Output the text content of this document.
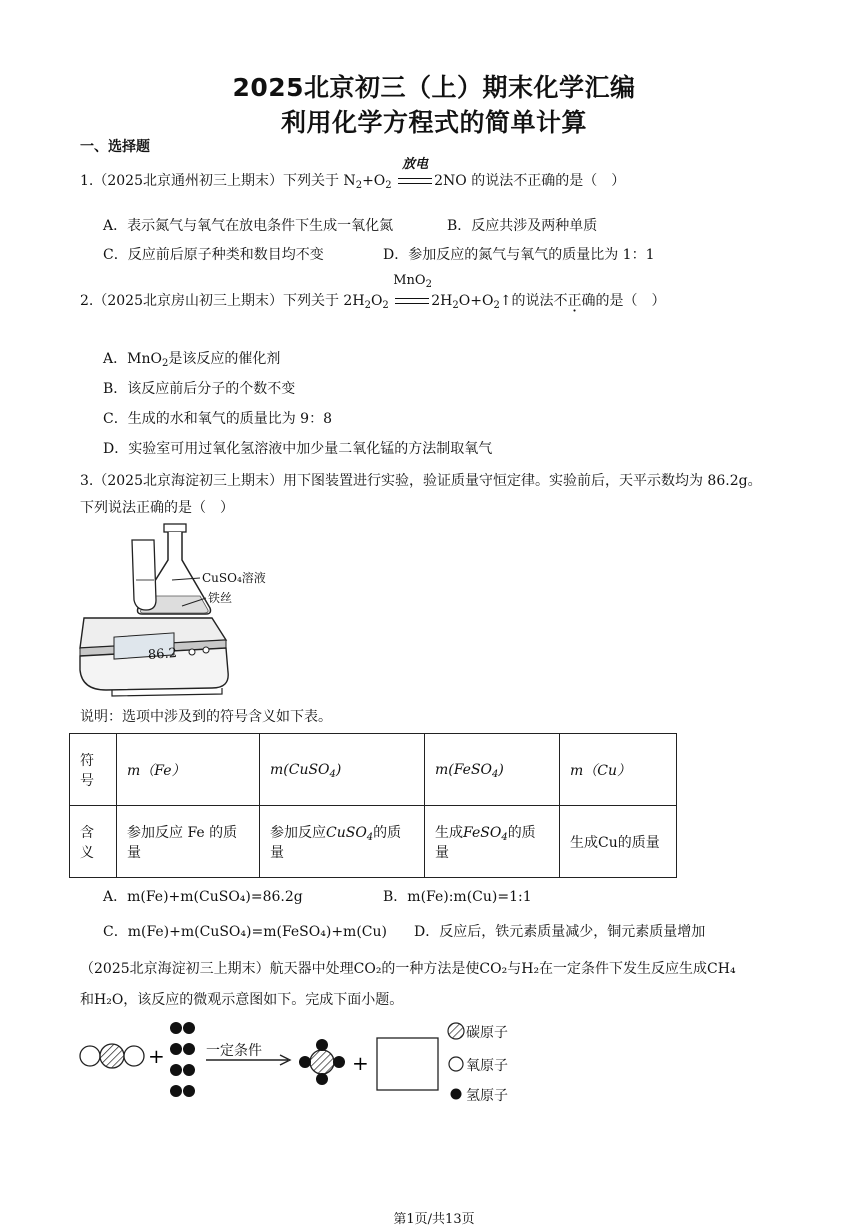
2025北京初三（上）期末化学汇编
利用化学方程式的简单计算
一、选择题
1.（2025北京通州初三上期末）下列关于 $N_2+O_2$
放电
2NO 的说法不正确的是（　）
A．表示氮气与氧气在放电条件下生成一氧化氮	B．反应共涉及两种单质
C．反应前后原子种类和数目均不变	D．参加反应的氮气与氧气的质量比为 1：1
2.（2025北京房山初三上期末）下列关于 $2H_2O_2$
MnO$_2$
$2H_2O+O_2↑$的说法不正确的是（　）
A．MnO$_2$是该反应的催化剂
B．该反应前后分子的个数不变
C．生成的水和氧气的质量比为 9：8
D．实验室可用过氧化氢溶液中加少量二氧化锰的方法制取氧气
3.（2025北京海淀初三上期末）用下图装置进行实验，验证质量守恒定律。实验前后，天平示数均为 86.2g。
下列说法正确的是（　）
CuSO₄溶液
铁丝
86.2
说明：选项中涉及到的符号含义如下表。
符号	m（Fe）	m(CuSO$_4$)	m(FeSO$_4$)	m（Cu）
含义	参加反应 Fe 的质量	参加反应CuSO$_4$的质量	生成FeSO$_4$的质量	生成Cu的质量
A．m(Fe)+m(CuSO₄)=86.2g	B．m(Fe):m(Cu)=1:1
C．m(Fe)+m(CuSO₄)=m(FeSO₄)+m(Cu) D．反应后，铁元素质量减少，铜元素质量增加
（2025北京海淀初三上期末）航天器中处理CO₂的一种方法是使CO₂与H₂在一定条件下发生反应生成CH₄
和H₂O，该反应的微观示意图如下。完成下面小题。
+	+
一定条件
碳原子
氧原子
氢原子
第1页/共13页
